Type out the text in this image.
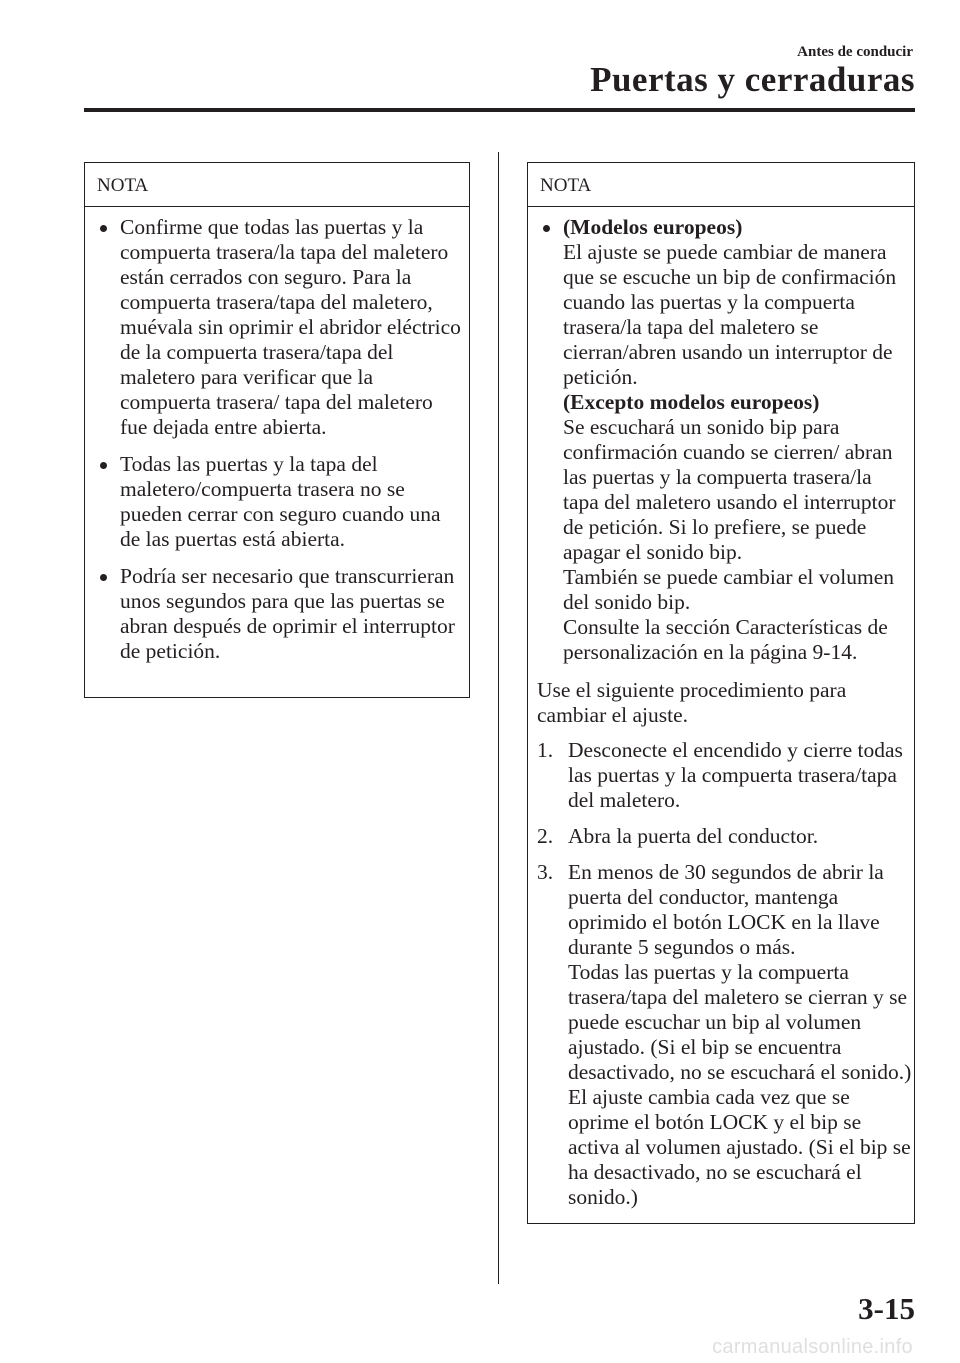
Antes de conducir
Puertas y cerraduras
NOTA
Confirme que todas las puertas y la compuerta trasera/la tapa del maletero están cerrados con seguro. Para la compuerta trasera/tapa del maletero, muévala sin oprimir el abridor eléctrico de la compuerta trasera/tapa del maletero para verificar que la compuerta trasera/ tapa del maletero fue dejada entre abierta.
Todas las puertas y la tapa del maletero/compuerta trasera no se pueden cerrar con seguro cuando una de las puertas está abierta.
Podría ser necesario que transcurrieran unos segundos para que las puertas se abran después de oprimir el interruptor de petición.
NOTA
(Modelos europeos)
El ajuste se puede cambiar de manera que se escuche un bip de confirmación cuando las puertas y la compuerta trasera/la tapa del maletero se cierran/abren usando un interruptor de petición.
(Excepto modelos europeos)
Se escuchará un sonido bip para confirmación cuando se cierren/ abran las puertas y la compuerta trasera/la tapa del maletero usando el interruptor de petición. Si lo prefiere, se puede apagar el sonido bip.
También se puede cambiar el volumen del sonido bip.
Consulte la sección Características de personalización en la página 9-14.
Use el siguiente procedimiento para cambiar el ajuste.
1. Desconecte el encendido y cierre todas las puertas y la compuerta trasera/tapa del maletero.
2. Abra la puerta del conductor.
3. En menos de 30 segundos de abrir la puerta del conductor, mantenga oprimido el botón LOCK en la llave durante 5 segundos o más.
Todas las puertas y la compuerta trasera/tapa del maletero se cierran y se puede escuchar un bip al volumen ajustado. (Si el bip se encuentra desactivado, no se escuchará el sonido.) El ajuste cambia cada vez que se oprime el botón LOCK y el bip se activa al volumen ajustado. (Si el bip se ha desactivado, no se escuchará el sonido.)
3-15
carmanualsonline.info
